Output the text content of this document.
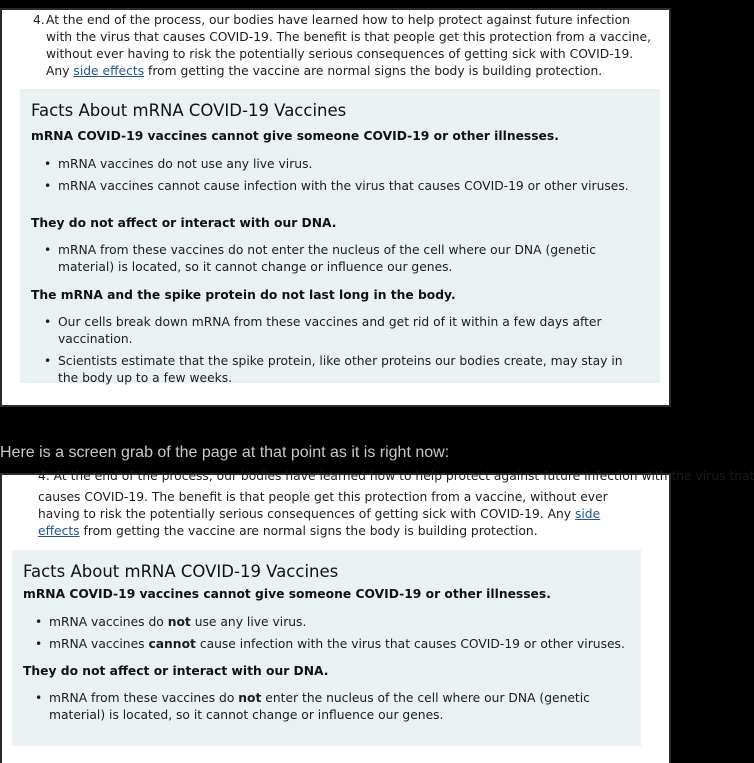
4. At the end of the process, our bodies have learned how to help protect against future infection with the virus that causes COVID-19. The benefit is that people get this protection from a vaccine, without ever having to risk the potentially serious consequences of getting sick with COVID-19. Any side effects from getting the vaccine are normal signs the body is building protection.
Facts About mRNA COVID-19 Vaccines
mRNA COVID-19 vaccines cannot give someone COVID-19 or other illnesses.
• mRNA vaccines do not use any live virus.
• mRNA vaccines cannot cause infection with the virus that causes COVID-19 or other viruses.
They do not affect or interact with our DNA.
• mRNA from these vaccines do not enter the nucleus of the cell where our DNA (genetic material) is located, so it cannot change or influence our genes.
The mRNA and the spike protein do not last long in the body.
• Our cells break down mRNA from these vaccines and get rid of it within a few days after vaccination.
• Scientists estimate that the spike protein, like other proteins our bodies create, may stay in the body up to a few weeks.
Here is a screen grab of the page at that point as it is right now:
4. At the end of the process, our bodies have learned how to help protect against future infection with the virus that
causes COVID-19. The benefit is that people get this protection from a vaccine, without ever having to risk the potentially serious consequences of getting sick with COVID-19. Any side effects from getting the vaccine are normal signs the body is building protection.
Facts About mRNA COVID-19 Vaccines
mRNA COVID-19 vaccines cannot give someone COVID-19 or other illnesses.
• mRNA vaccines do not use any live virus.
• mRNA vaccines cannot cause infection with the virus that causes COVID-19 or other viruses.
They do not affect or interact with our DNA.
• mRNA from these vaccines do not enter the nucleus of the cell where our DNA (genetic material) is located, so it cannot change or influence our genes.
